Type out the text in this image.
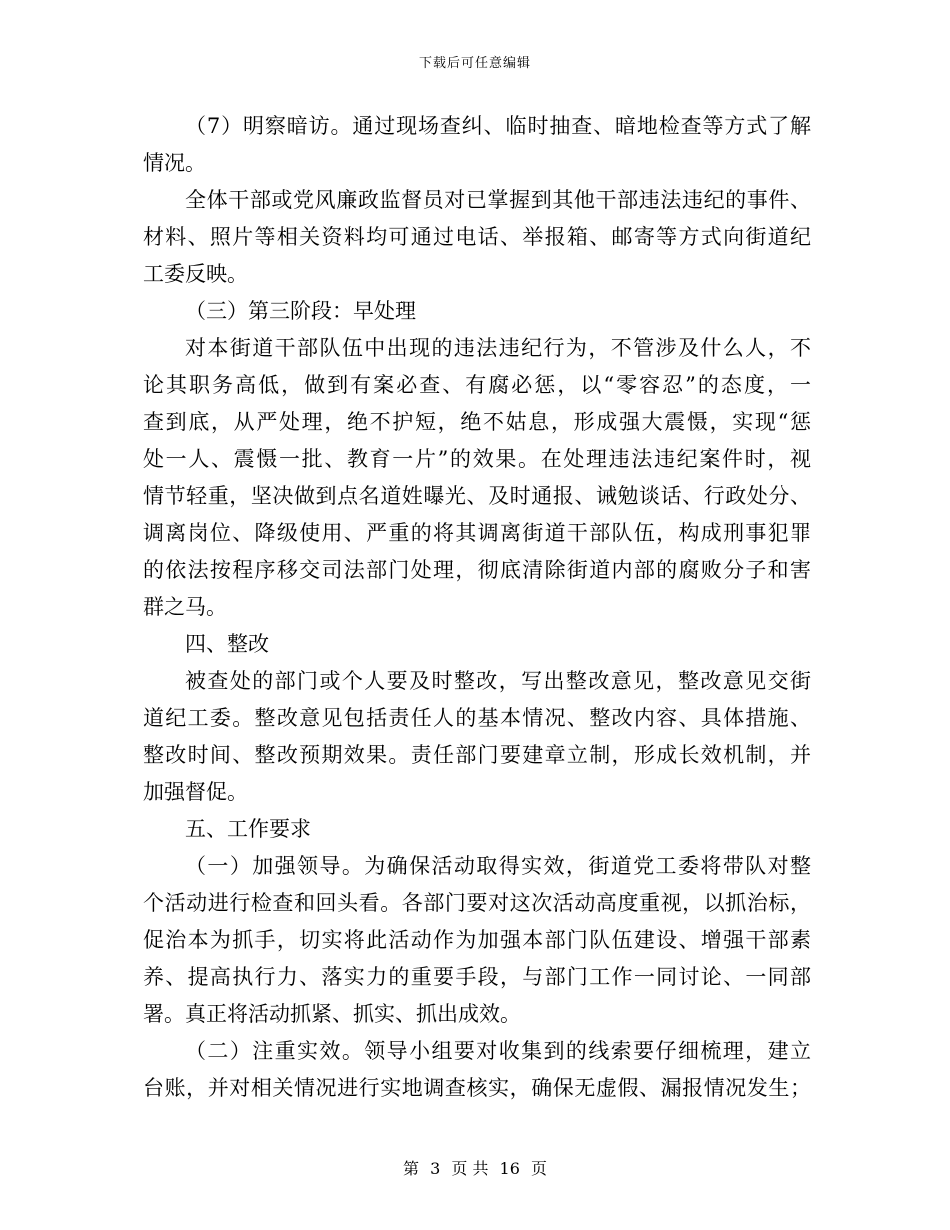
下载后可任意编辑
（7）明察暗访。通过现场查纠、临时抽查、暗地检查等方式了解
情况。
全体干部或党风廉政监督员对已掌握到其他干部违法违纪的事件、
材料、照片等相关资料均可通过电话、举报箱、邮寄等方式向街道纪
工委反映。
（三）第三阶段：早处理
对本街道干部队伍中出现的违法违纪行为，不管涉及什么人，不
论其职务高低，做到有案必查、有腐必惩，以“零容忍”的态度，一
查到底，从严处理，绝不护短，绝不姑息，形成强大震慑，实现“惩
处一人、震慑一批、教育一片”的效果。在处理违法违纪案件时，视
情节轻重，坚决做到点名道姓曝光、及时通报、诫勉谈话、行政处分、
调离岗位、降级使用、严重的将其调离街道干部队伍，构成刑事犯罪
的依法按程序移交司法部门处理，彻底清除街道内部的腐败分子和害
群之马。
四、整改
被查处的部门或个人要及时整改，写出整改意见，整改意见交街
道纪工委。整改意见包括责任人的基本情况、整改内容、具体措施、
整改时间、整改预期效果。责任部门要建章立制，形成长效机制，并
加强督促。
五、工作要求
（一）加强领导。为确保活动取得实效，街道党工委将带队对整
个活动进行检查和回头看。各部门要对这次活动高度重视，以抓治标，
促治本为抓手，切实将此活动作为加强本部门队伍建设、增强干部素
养、提高执行力、落实力的重要手段，与部门工作一同讨论、一同部
署。真正将活动抓紧、抓实、抓出成效。
（二）注重实效。领导小组要对收集到的线索要仔细梳理，建立
台账，并对相关情况进行实地调查核实，确保无虚假、漏报情况发生；
第 3 页 共 16 页
